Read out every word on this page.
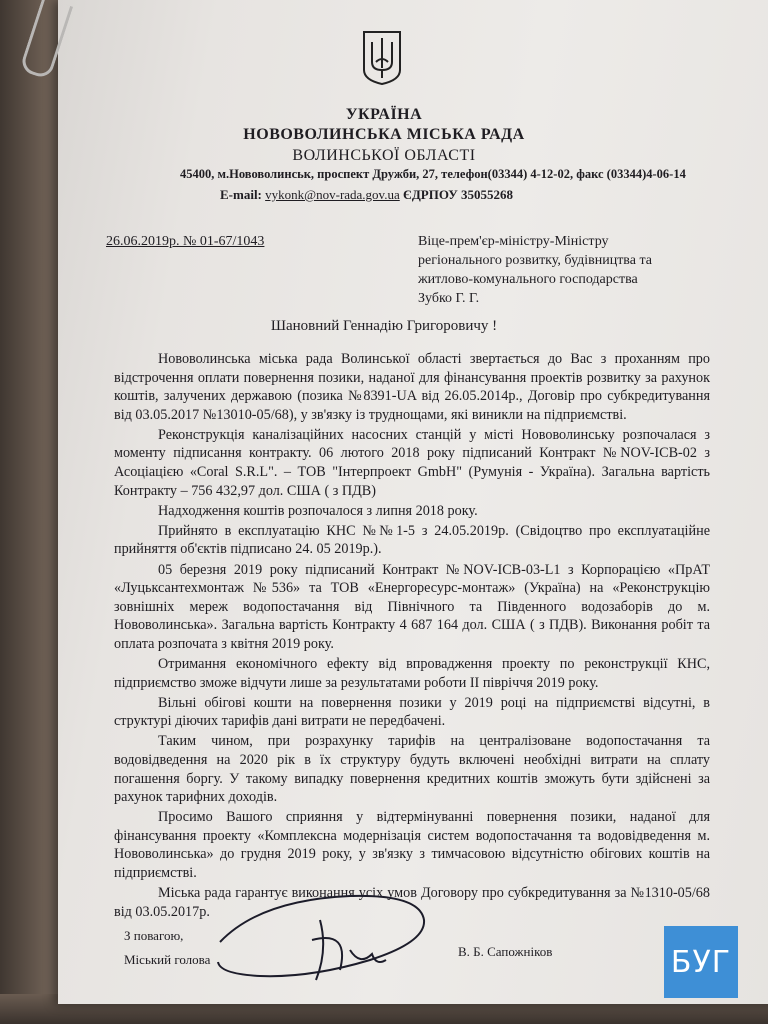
УКРАЇНА
НОВОВОЛИНСЬКА МІСЬКА РАДА
ВОЛИНСЬКОЇ ОБЛАСТІ
45400, м.Нововолинськ, проспект Дружби, 27, телефон(03344) 4-12-02, факс (03344)4-06-14
E-mail: vykonk@nov-rada.gov.ua ЄДРПОУ 35055268
26.06.2019р. № 01-67/1043	Віце-прем'єр-міністру-Міністру
регіонального розвитку, будівництва та
житлово-комунального господарства
Зубко Г. Г.
Шановний Геннадію Григоровичу !

Нововолинська міська рада Волинської області звертається до Вас з проханням про відстрочення оплати повернення позики, наданої для фінансування проектів розвитку за рахунок коштів, залучених державою (позика №8391-UA від 26.05.2014р., Договір про субкредитування від 03.05.2017 №13010-05/68), у зв'язку із труднощами, які виникли на підприємстві.

Реконструкція каналізаційних насосних станцій у місті Нововолинську розпочалася з моменту підписання контракту. 06 лютого 2018 року підписаний Контракт №NOV-ICB-02 з Асоціацією «Coral S.R.L". – ТОВ "Інтерпроект GmbH" (Румунія - Україна). Загальна вартість Контракту – 756 432,97 дол. США ( з ПДВ)

Надходження коштів розпочалося з липня 2018 року.

Прийнято в експлуатацію КНС №№1-5 з 24.05.2019р. (Свідоцтво про експлуатаційне прийняття об'єктів підписано 24. 05 2019р.).

05 березня 2019 року підписаний Контракт №NOV-ICB-03-L1 з Корпорацією «ПрАТ «Луцьксантехмонтаж №536» та ТОВ «Енергоресурс-монтаж» (Україна) на «Реконструкцію зовнішніх мереж водопостачання від Північного та Південного водозаборів до м. Нововолинська». Загальна вартість Контракту 4 687 164 дол. США ( з ПДВ). Виконання робіт та оплата розпочата з квітня 2019 року.

Отримання економічного ефекту від впровадження проекту по реконструкції КНС, підприємство зможе відчути лише за результатами роботи ІІ півріччя 2019 року.

Вільні обігові кошти на повернення позики у 2019 році на підприємстві відсутні, в структурі діючих тарифів дані витрати не передбачені.

Таким чином, при розрахунку тарифів на централізоване водопостачання та водовідведення на 2020 рік в їх структуру будуть включені необхідні витрати на сплату погашення боргу. У такому випадку повернення кредитних коштів зможуть бути здійснені за рахунок тарифних доходів.

Просимо Вашого сприяння у відтермінуванні повернення позики, наданої для фінансування проекту «Комплексна модернізація систем водопостачання та водовідведення м. Нововолинська» до грудня 2019 року, у зв'язку з тимчасовою відсутністю обігових коштів на підприємстві.

Міська рада гарантує виконання усіх умов Договору про субкредитування за №1310-05/68 від 03.05.2017р.

З повагою,
Міський голова
В. Б. Сапожніков	БУГ
